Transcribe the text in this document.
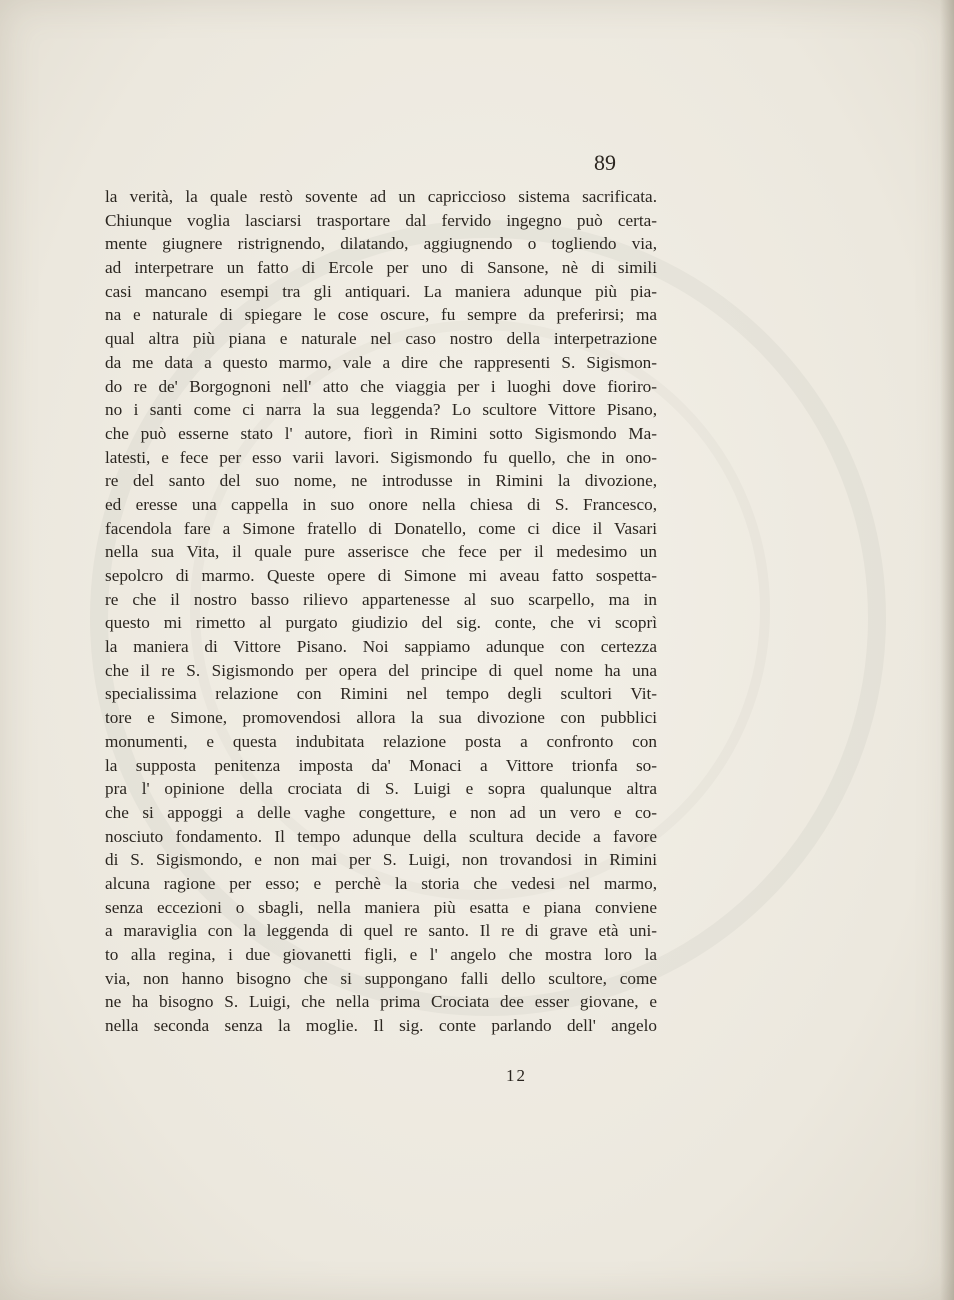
89
la verità, la quale restò sovente ad un capriccioso sistema sacrificata.
Chiunque voglia lasciarsi trasportare dal fervido ingegno può certa-
mente giugnere ristrignendo, dilatando, aggiugnendo o togliendo via,
ad interpetrare un fatto di Ercole per uno di Sansone, nè di simili
casi mancano esempi tra gli antiquari. La maniera adunque più pia-
na e naturale di spiegare le cose oscure, fu sempre da preferirsi; ma
qual altra più piana e naturale nel caso nostro della interpetrazione
da me data a questo marmo, vale a dire che rappresenti S. Sigismon-
do re de' Borgognoni nell' atto che viaggia per i luoghi dove fioriro-
no i santi come ci narra la sua leggenda? Lo scultore Vittore Pisano,
che può esserne stato l' autore, fiorì in Rimini sotto Sigismondo Ma-
latesti, e fece per esso varii lavori. Sigismondo fu quello, che in ono-
re del santo del suo nome, ne introdusse in Rimini la divozione,
ed eresse una cappella in suo onore nella chiesa di S. Francesco,
facendola fare a Simone fratello di Donatello, come ci dice il Vasari
nella sua Vita, il quale pure asserisce che fece per il medesimo un
sepolcro di marmo. Queste opere di Simone mi aveau fatto sospetta-
re che il nostro basso rilievo appartenesse al suo scarpello, ma in
questo mi rimetto al purgato giudizio del sig. conte, che vi scoprì
la maniera di Vittore Pisano. Noi sappiamo adunque con certezza
che il re S. Sigismondo per opera del principe di quel nome ha una
specialissima relazione con Rimini nel tempo degli scultori Vit-
tore e Simone, promovendosi allora la sua divozione con pubblici
monumenti, e questa indubitata relazione posta a confronto con
la supposta penitenza imposta da' Monaci a Vittore trionfa so-
pra l' opinione della crociata di S. Luigi e sopra qualunque altra
che si appoggi a delle vaghe congetture, e non ad un vero e co-
nosciuto fondamento. Il tempo adunque della scultura decide a favore
di S. Sigismondo, e non mai per S. Luigi, non trovandosi in Rimini
alcuna ragione per esso; e perchè la storia che vedesi nel marmo,
senza eccezioni o sbagli, nella maniera più esatta e piana conviene
a maraviglia con la leggenda di quel re santo. Il re di grave età uni-
to alla regina, i due giovanetti figli, e l' angelo che mostra loro la
via, non hanno bisogno che si suppongano falli dello scultore, come
ne ha bisogno S. Luigi, che nella prima Crociata dee esser giovane, e
nella seconda senza la moglie. Il sig. conte parlando dell' angelo
12
